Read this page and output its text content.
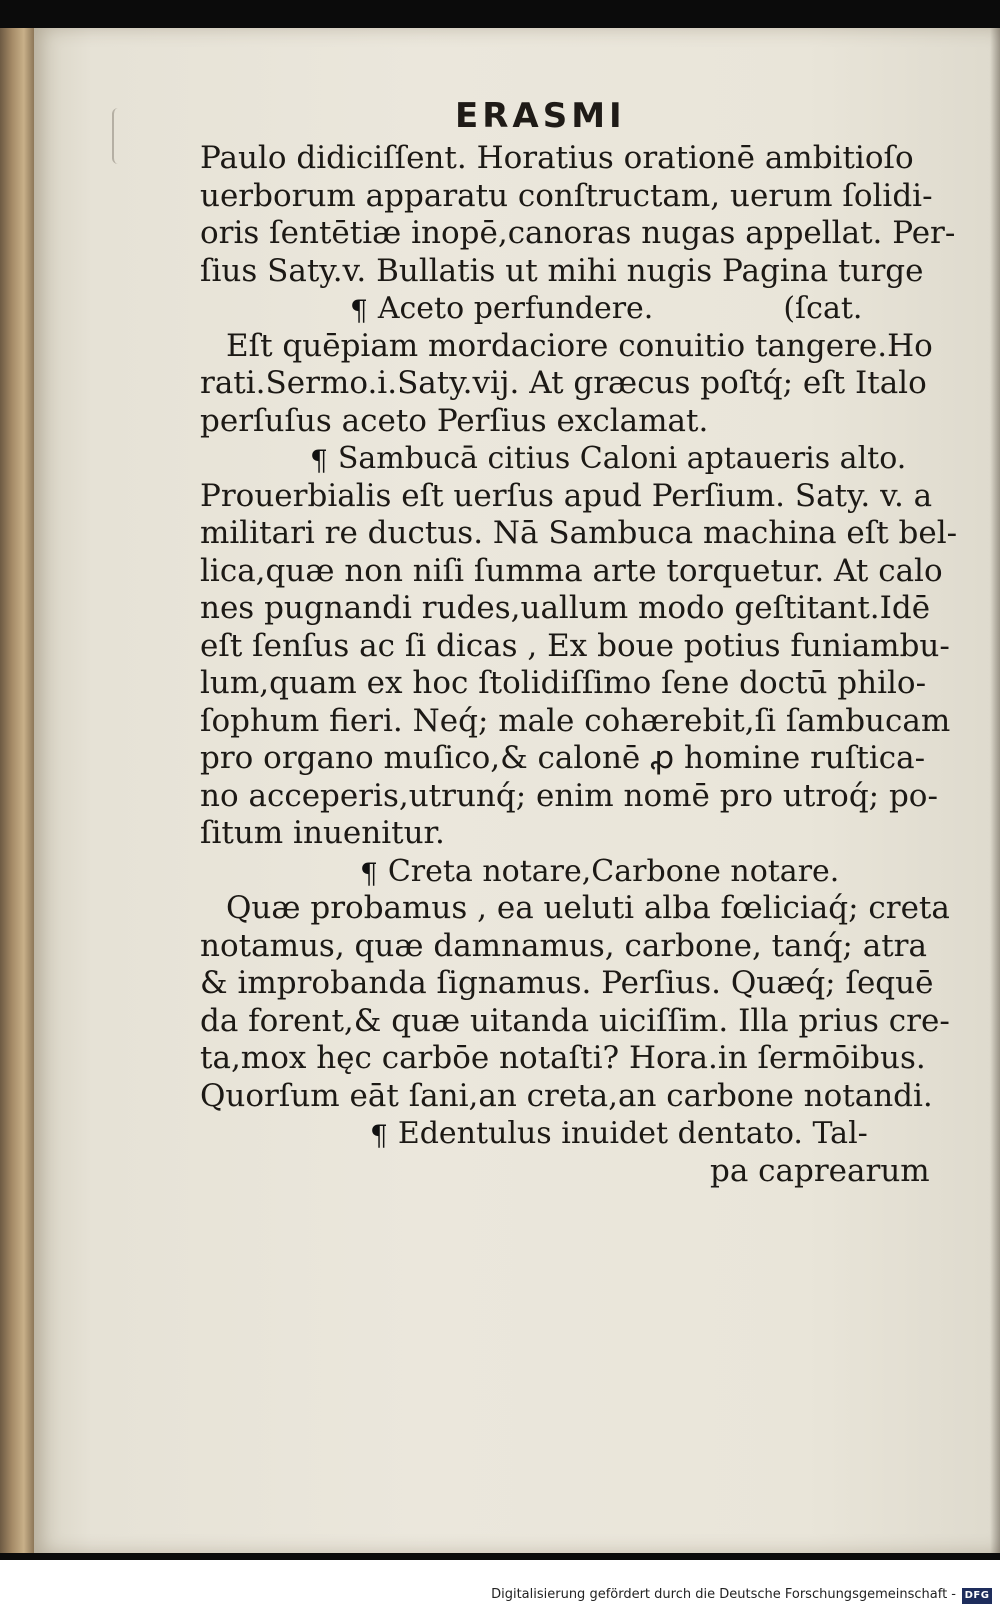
ERASMI
Paulo didiciſſent. Horatius orationē ambitioſo
uerborum apparatu conſtructam, uerum ſolidi-
oris ſentētiæ inopē,canoras nugas appellat. Per-
ſius Saty.v. Bullatis ut mihi nugis Pagina turge
¶ Aceto perfundere.	(ſcat.
Eſt quēpiam mordaciore conuitio tangere.Ho
rati.Sermo.i.Saty.vij. At græcus poſtq́; eſt Italo
perſuſus aceto Perſius exclamat.
¶ Sambucā citius Caloni aptaueris alto.
Prouerbialis eſt uerſus apud Perſium. Saty. v. a
militari re ductus. Nā Sambuca machina eſt bel-
lica,quæ non niſi ſumma arte torquetur. At calo
nes pugnandi rudes,uallum modo geſtitant.Idē
eſt ſenſus ac ſi dicas , Ex boue potius funiambu-
lum,quam ex hoc ſtolidiſſimo ſene doctū philo-
ſophum fieri. Neq́; male coh​ærebit,ſi ſambucam
pro organo muſico,& calonē ꝓ homine ruſtica-
no acceperis,utrunq́; enim nomē pro utroq́; po-
ſitum inuenitur.
¶ Creta notare,Carbone notare.
Quæ probamus , ea ueluti alba fœliciaq́; creta
notamus, quæ damnamus, carbone, tanq́; atra
& improbanda ſignamus. Perſius. Quæq́; ſequē
da forent,& quæ uitanda uiciſſim. Illa prius cre-
ta,mox hęc carbōe notaſti? Hora.in ſermōibus.
Quorſum eāt ſani,an creta,an carbone notandi.
¶ Edentulus inuidet dentato. Tal-
pa caprearum
Digitalisierung gefördert durch die Deutsche Forschungsgemeinschaft - DFG
